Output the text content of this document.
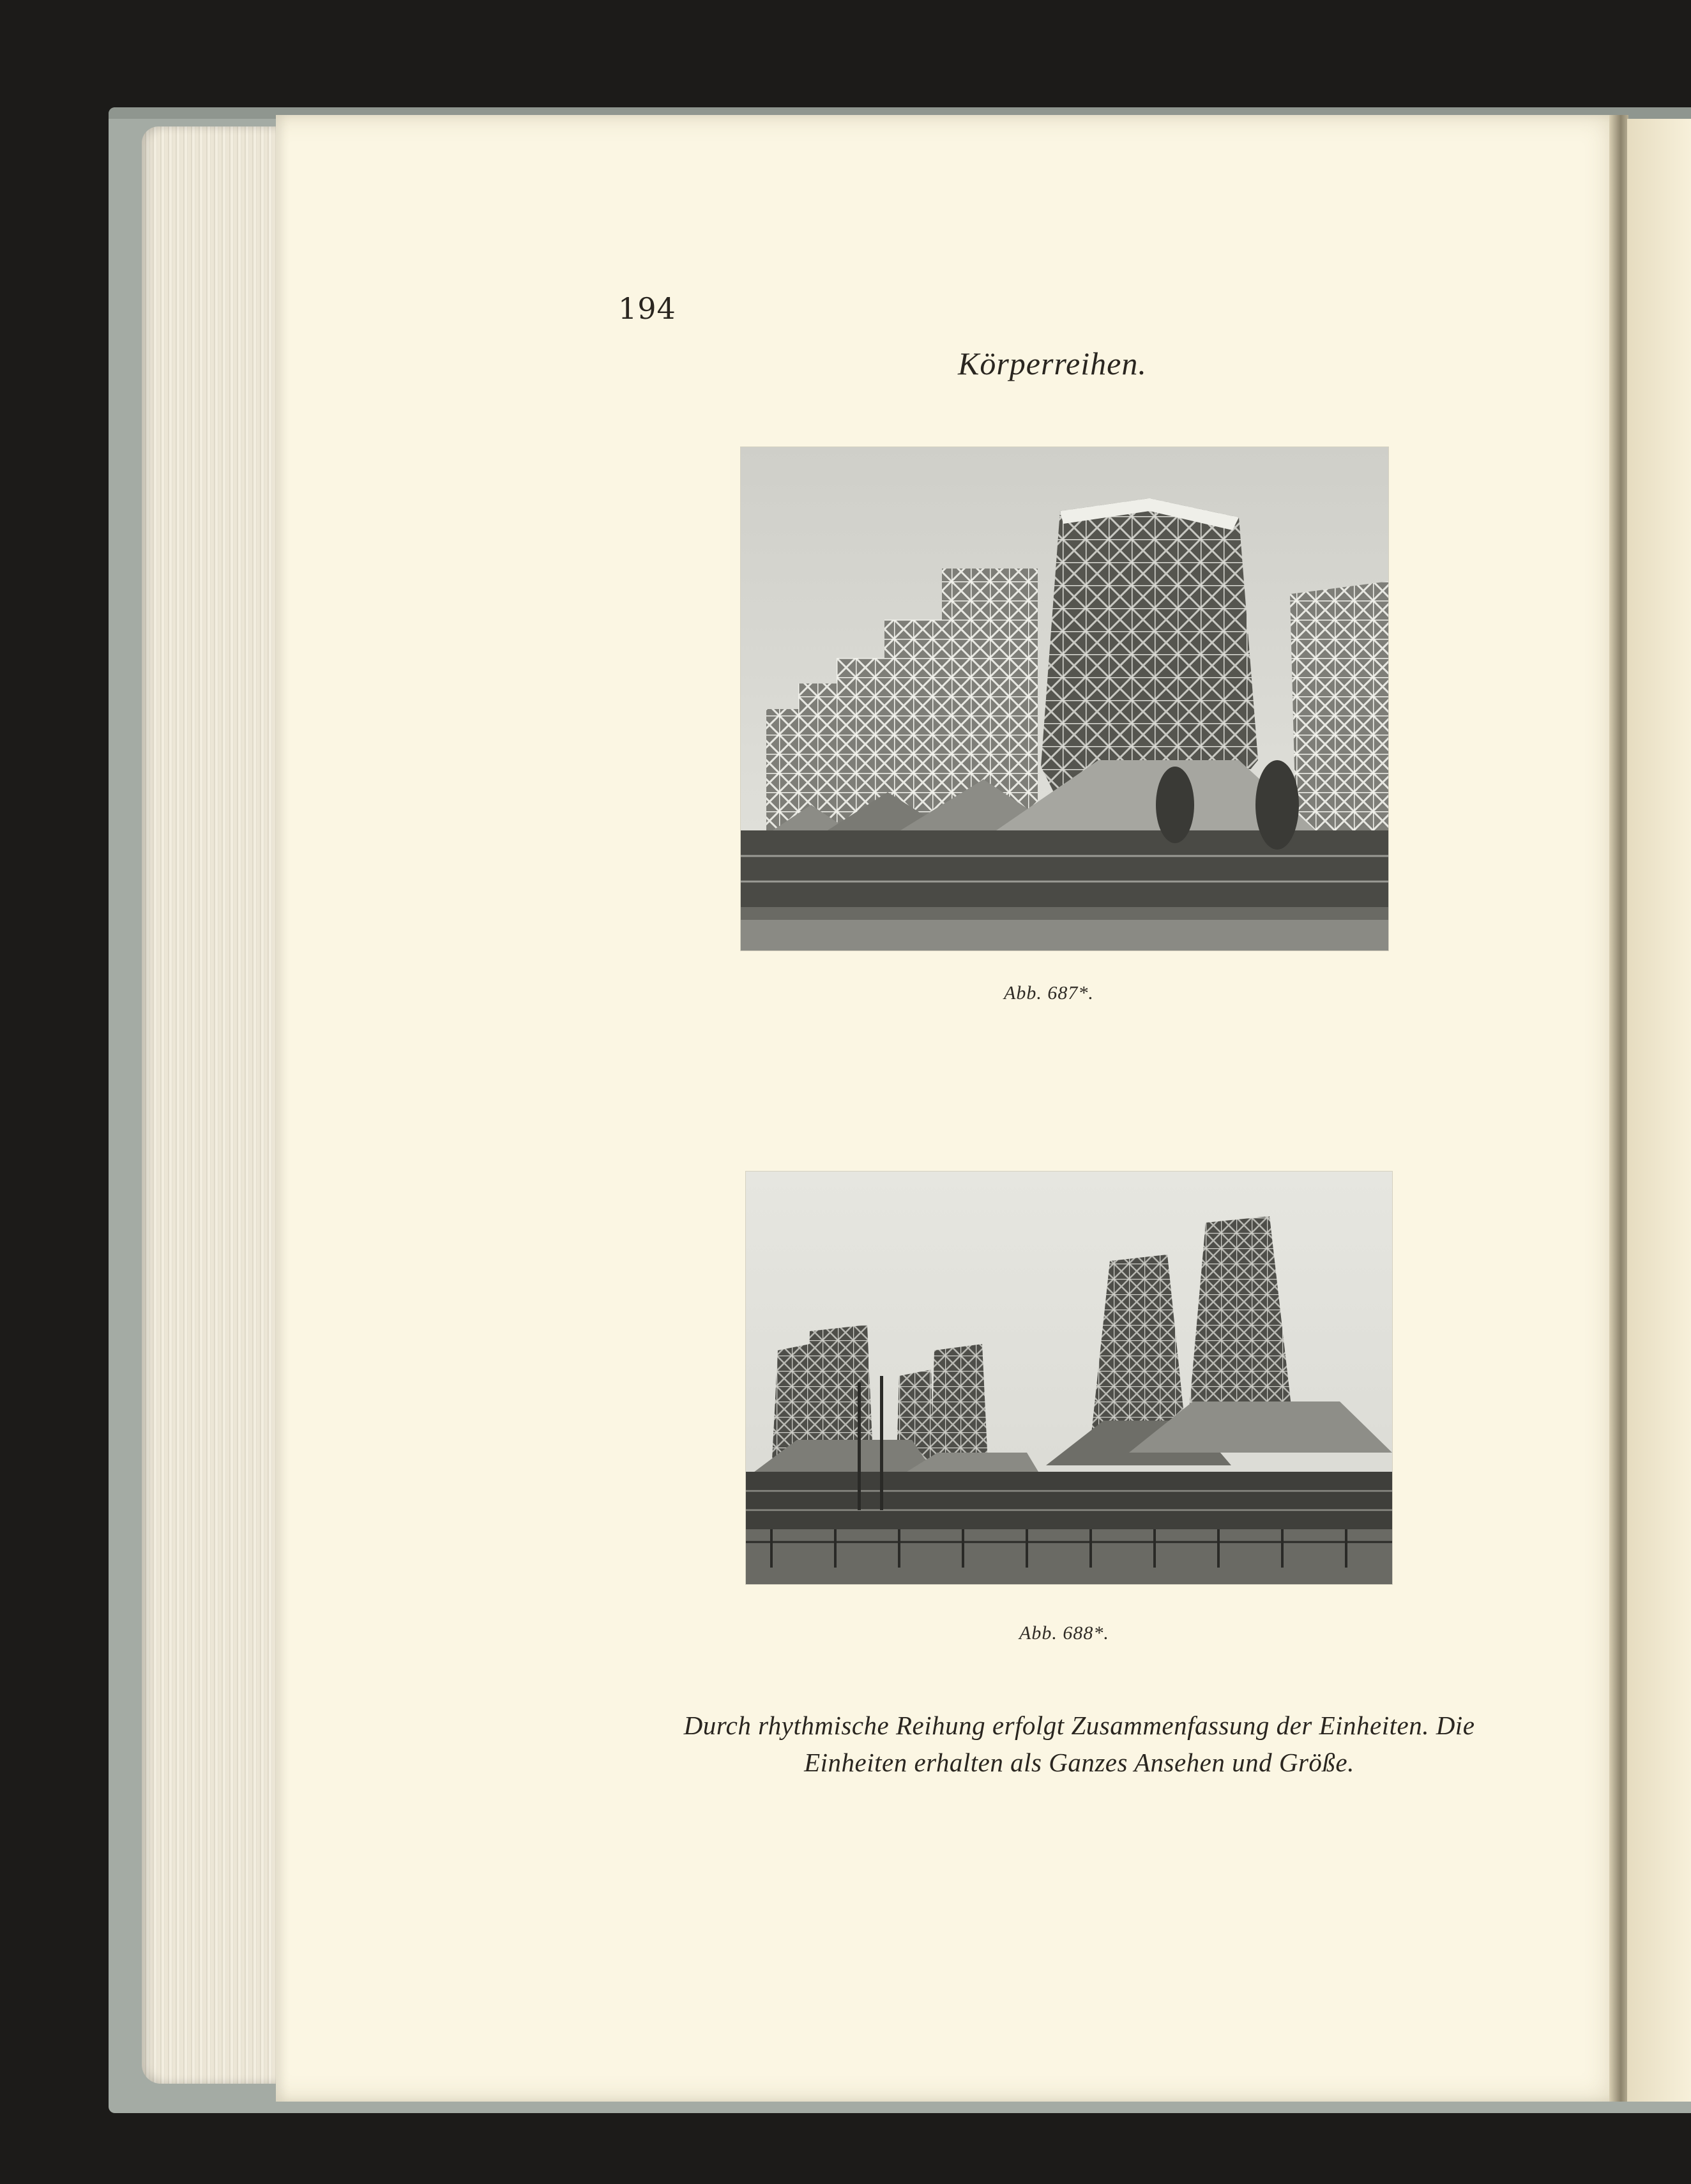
194
Körperreihen.
Abb. 687*.
Abb. 688*.
Durch rhythmische Reihung erfolgt Zusammenfassung der Einheiten. Die
Einheiten erhalten als Ganzes Ansehen und Größe.
